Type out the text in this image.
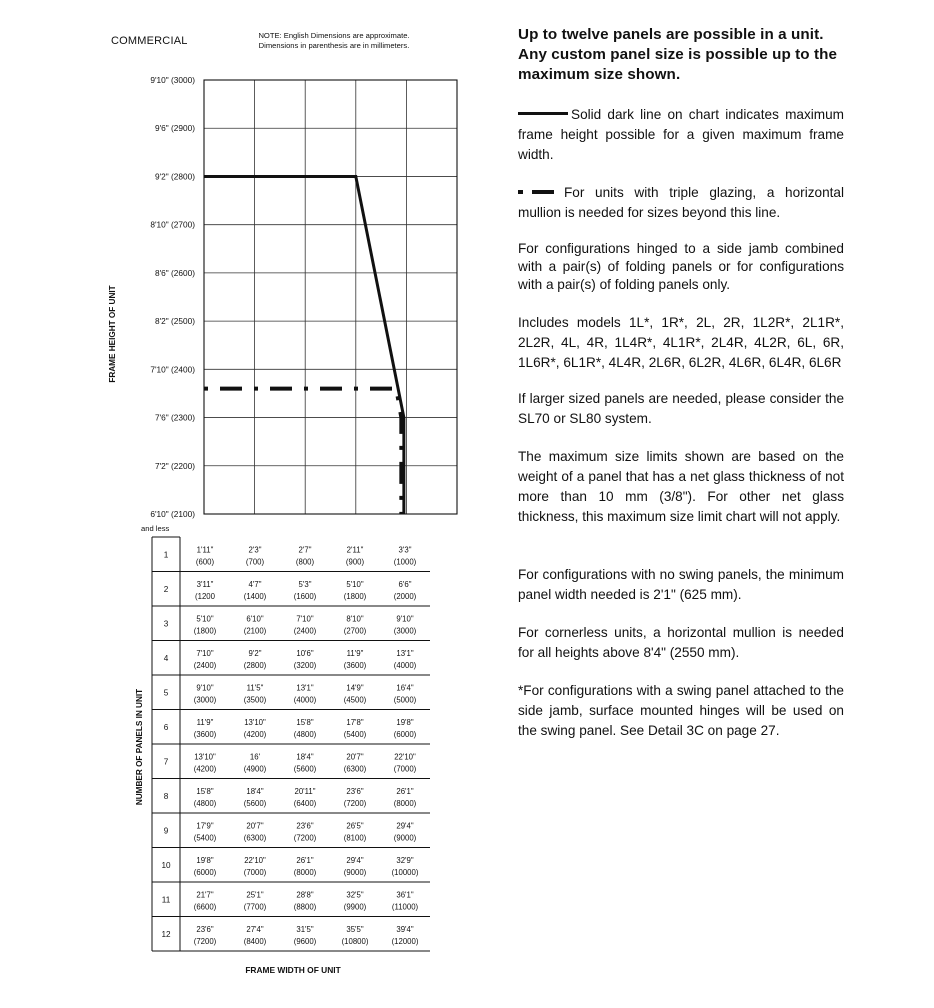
COMMERCIAL	NOTE: English Dimensions are approximate.
Dimensions in parenthesis are in millimeters.
6'10" (2100)
7'2" (2200)
7'6" (2300)
7'10" (2400)
8'2" (2500)
8'6" (2600)
8'10" (2700)
9'2" (2800)
9'6" (2900)
9'10" (3000)
and less
FRAME HEIGHT OF UNIT
1
1'11"
(600)
2'3"
(700)
2'7"
(800)
2'11"
(900)
3'3"
(1000)
2
3'11"
(1200
4'7"
(1400)
5'3"
(1600)
5'10"
(1800)
6'6"
(2000)
3
5'10"
(1800)
6'10"
(2100)
7'10"
(2400)
8'10"
(2700)
9'10"
(3000)
4
7'10"
(2400)
9'2"
(2800)
10'6"
(3200)
11'9"
(3600)
13'1"
(4000)
5
9'10"
(3000)
11'5"
(3500)
13'1"
(4000)
14'9"
(4500)
16'4"
(5000)
6
11'9"
(3600)
13'10"
(4200)
15'8"
(4800)
17'8"
(5400)
19'8"
(6000)
7
13'10"
(4200)
16'
(4900)
18'4"
(5600)
20'7"
(6300)
22'10"
(7000)
8
15'8"
(4800)
18'4"
(5600)
20'11"
(6400)
23'6"
(7200)
26'1"
(8000)
9
17'9"
(5400)
20'7"
(6300)
23'6"
(7200)
26'5"
(8100)
29'4"
(9000)
10
19'8"
(6000)
22'10"
(7000)
26'1"
(8000)
29'4"
(9000)
32'9"
(10000)
11
21'7"
(6600)
25'1"
(7700)
28'8"
(8800)
32'5"
(9900)
36'1"
(11000)
12
23'6"
(7200)
27'4"
(8400)
31'5"
(9600)
35'5"
(10800)
39'4"
(12000)
NUMBER OF PANELS IN UNIT
FRAME WIDTH OF UNIT

Up to twelve panels are possible in a unit. Any custom panel size is possible up to the maximum size shown.

Solid dark line on chart indicates maximum frame height possible for a given maximum frame width.

For units with triple glazing, a horizontal mullion is needed for sizes beyond this line.

For configurations hinged to a side jamb combined with a pair(s) of folding panels or for configurations with a pair(s) of folding panels only.

Includes models 1L*, 1R*, 2L, 2R, 1L2R*, 2L1R*, 2L2R, 4L, 4R, 1L4R*, 4L1R*, 2L4R, 4L2R, 6L, 6R, 1L6R*, 6L1R*, 4L4R, 2L6R, 6L2R, 4L6R, 6L4R, 6L6R

If larger sized panels are needed, please consider the SL70 or SL80 system.

The maximum size limits shown are based on the weight of a panel that has a net glass thickness of not more than 10 mm (3/8"). For other net glass thickness, this maximum size limit chart will not apply.

For configurations with no swing panels, the minimum panel width needed is 2'1" (625 mm).

For cornerless units, a horizontal mullion is needed for all heights above 8'4" (2550 mm).

*For configurations with a swing panel attached to the side jamb, surface mounted hinges will be used on the swing panel. See Detail 3C on page 27.
